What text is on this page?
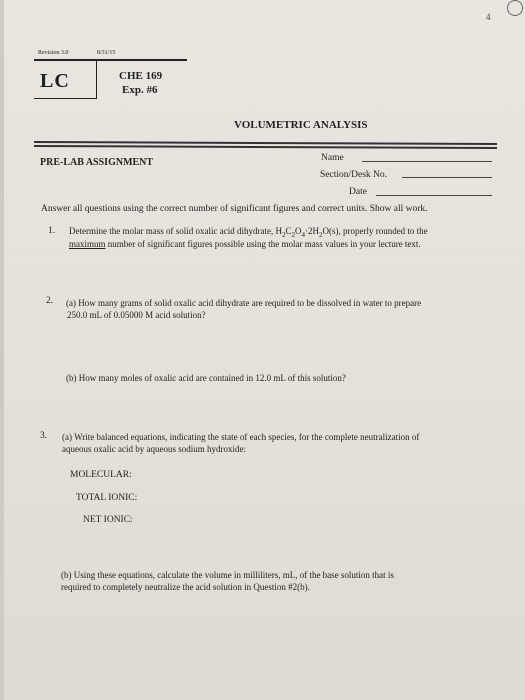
4
Revision 3.0	8/31/15
LC	CHE 169
Exp. #6
VOLUMETRIC ANALYSIS
PRE-LAB ASSIGNMENT	Name
Section/Desk No.
Date
Answer all questions using the correct number of significant figures and correct units. Show all work.
1. Determine the molar mass of solid oxalic acid dihydrate, $H_2C_2O_4\cdot 2H_2O(s)$, properly rounded to the
maximum number of significant figures possible using the molar mass values in your lecture text.
2. (a) How many grams of solid oxalic acid dihydrate are required to be dissolved in water to prepare
250.0 mL of 0.05000 M acid solution?
(b) How many moles of oxalic acid are contained in 12.0 mL of this solution?
3. (a) Write balanced equations, indicating the state of each species, for the complete neutralization of
aqueous oxalic acid by aqueous sodium hydroxide:
MOLECULAR:
TOTAL IONIC:
NET IONIC:
(b) Using these equations, calculate the volume in milliliters, mL, of the base solution that is
required to completely neutralize the acid solution in Question #2(b).
